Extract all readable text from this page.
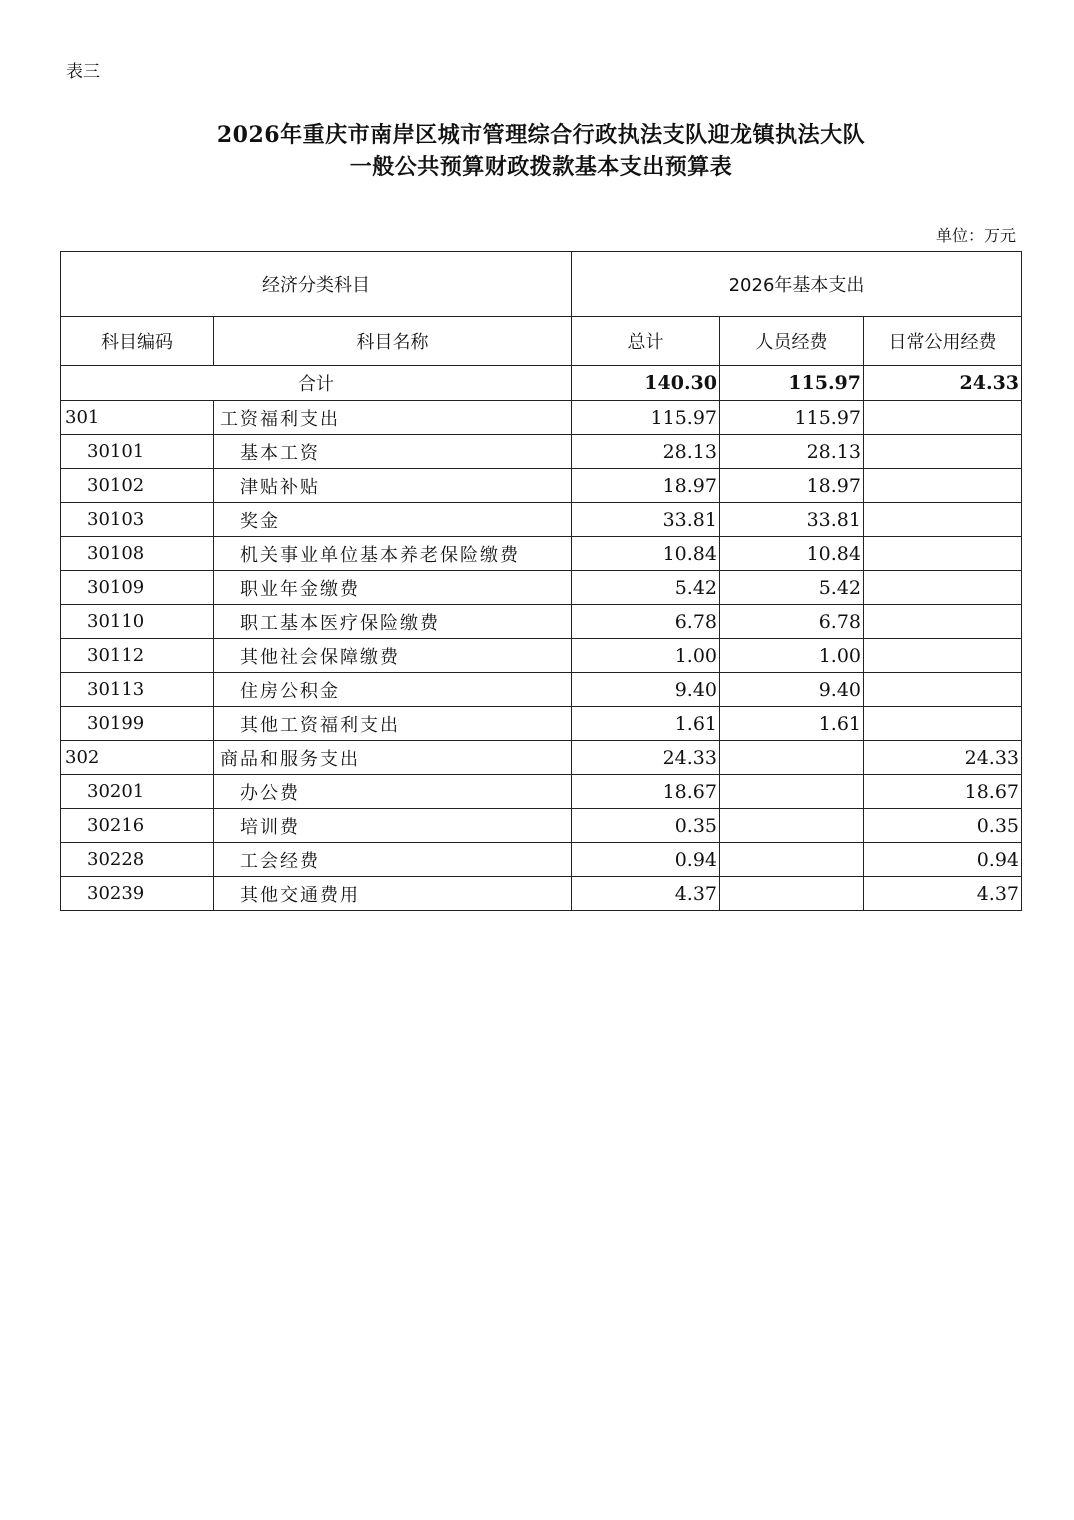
表三
2026年重庆市南岸区城市管理综合行政执法支队迎龙镇执法大队
一般公共预算财政拨款基本支出预算表
单位：万元
经济分类科目		2026年基本支出		
科目编码	科目名称	总计	人员经费	日常公用经费
合计		140.30	115.97	24.33
301	工资福利支出	115.97	115.97	
30101	基本工资	28.13	28.13	
30102	津贴补贴	18.97	18.97	
30103	奖金	33.81	33.81	
30108	机关事业单位基本养老保险缴费	10.84	10.84	
30109	职业年金缴费	5.42	5.42	
30110	职工基本医疗保险缴费	6.78	6.78	
30112	其他社会保障缴费	1.00	1.00	
30113	住房公积金	9.40	9.40	
30199	其他工资福利支出	1.61	1.61	
302	商品和服务支出	24.33		24.33
30201	办公费	18.67		18.67
30216	培训费	0.35		0.35
30228	工会经费	0.94		0.94
30239	其他交通费用	4.37		4.37
